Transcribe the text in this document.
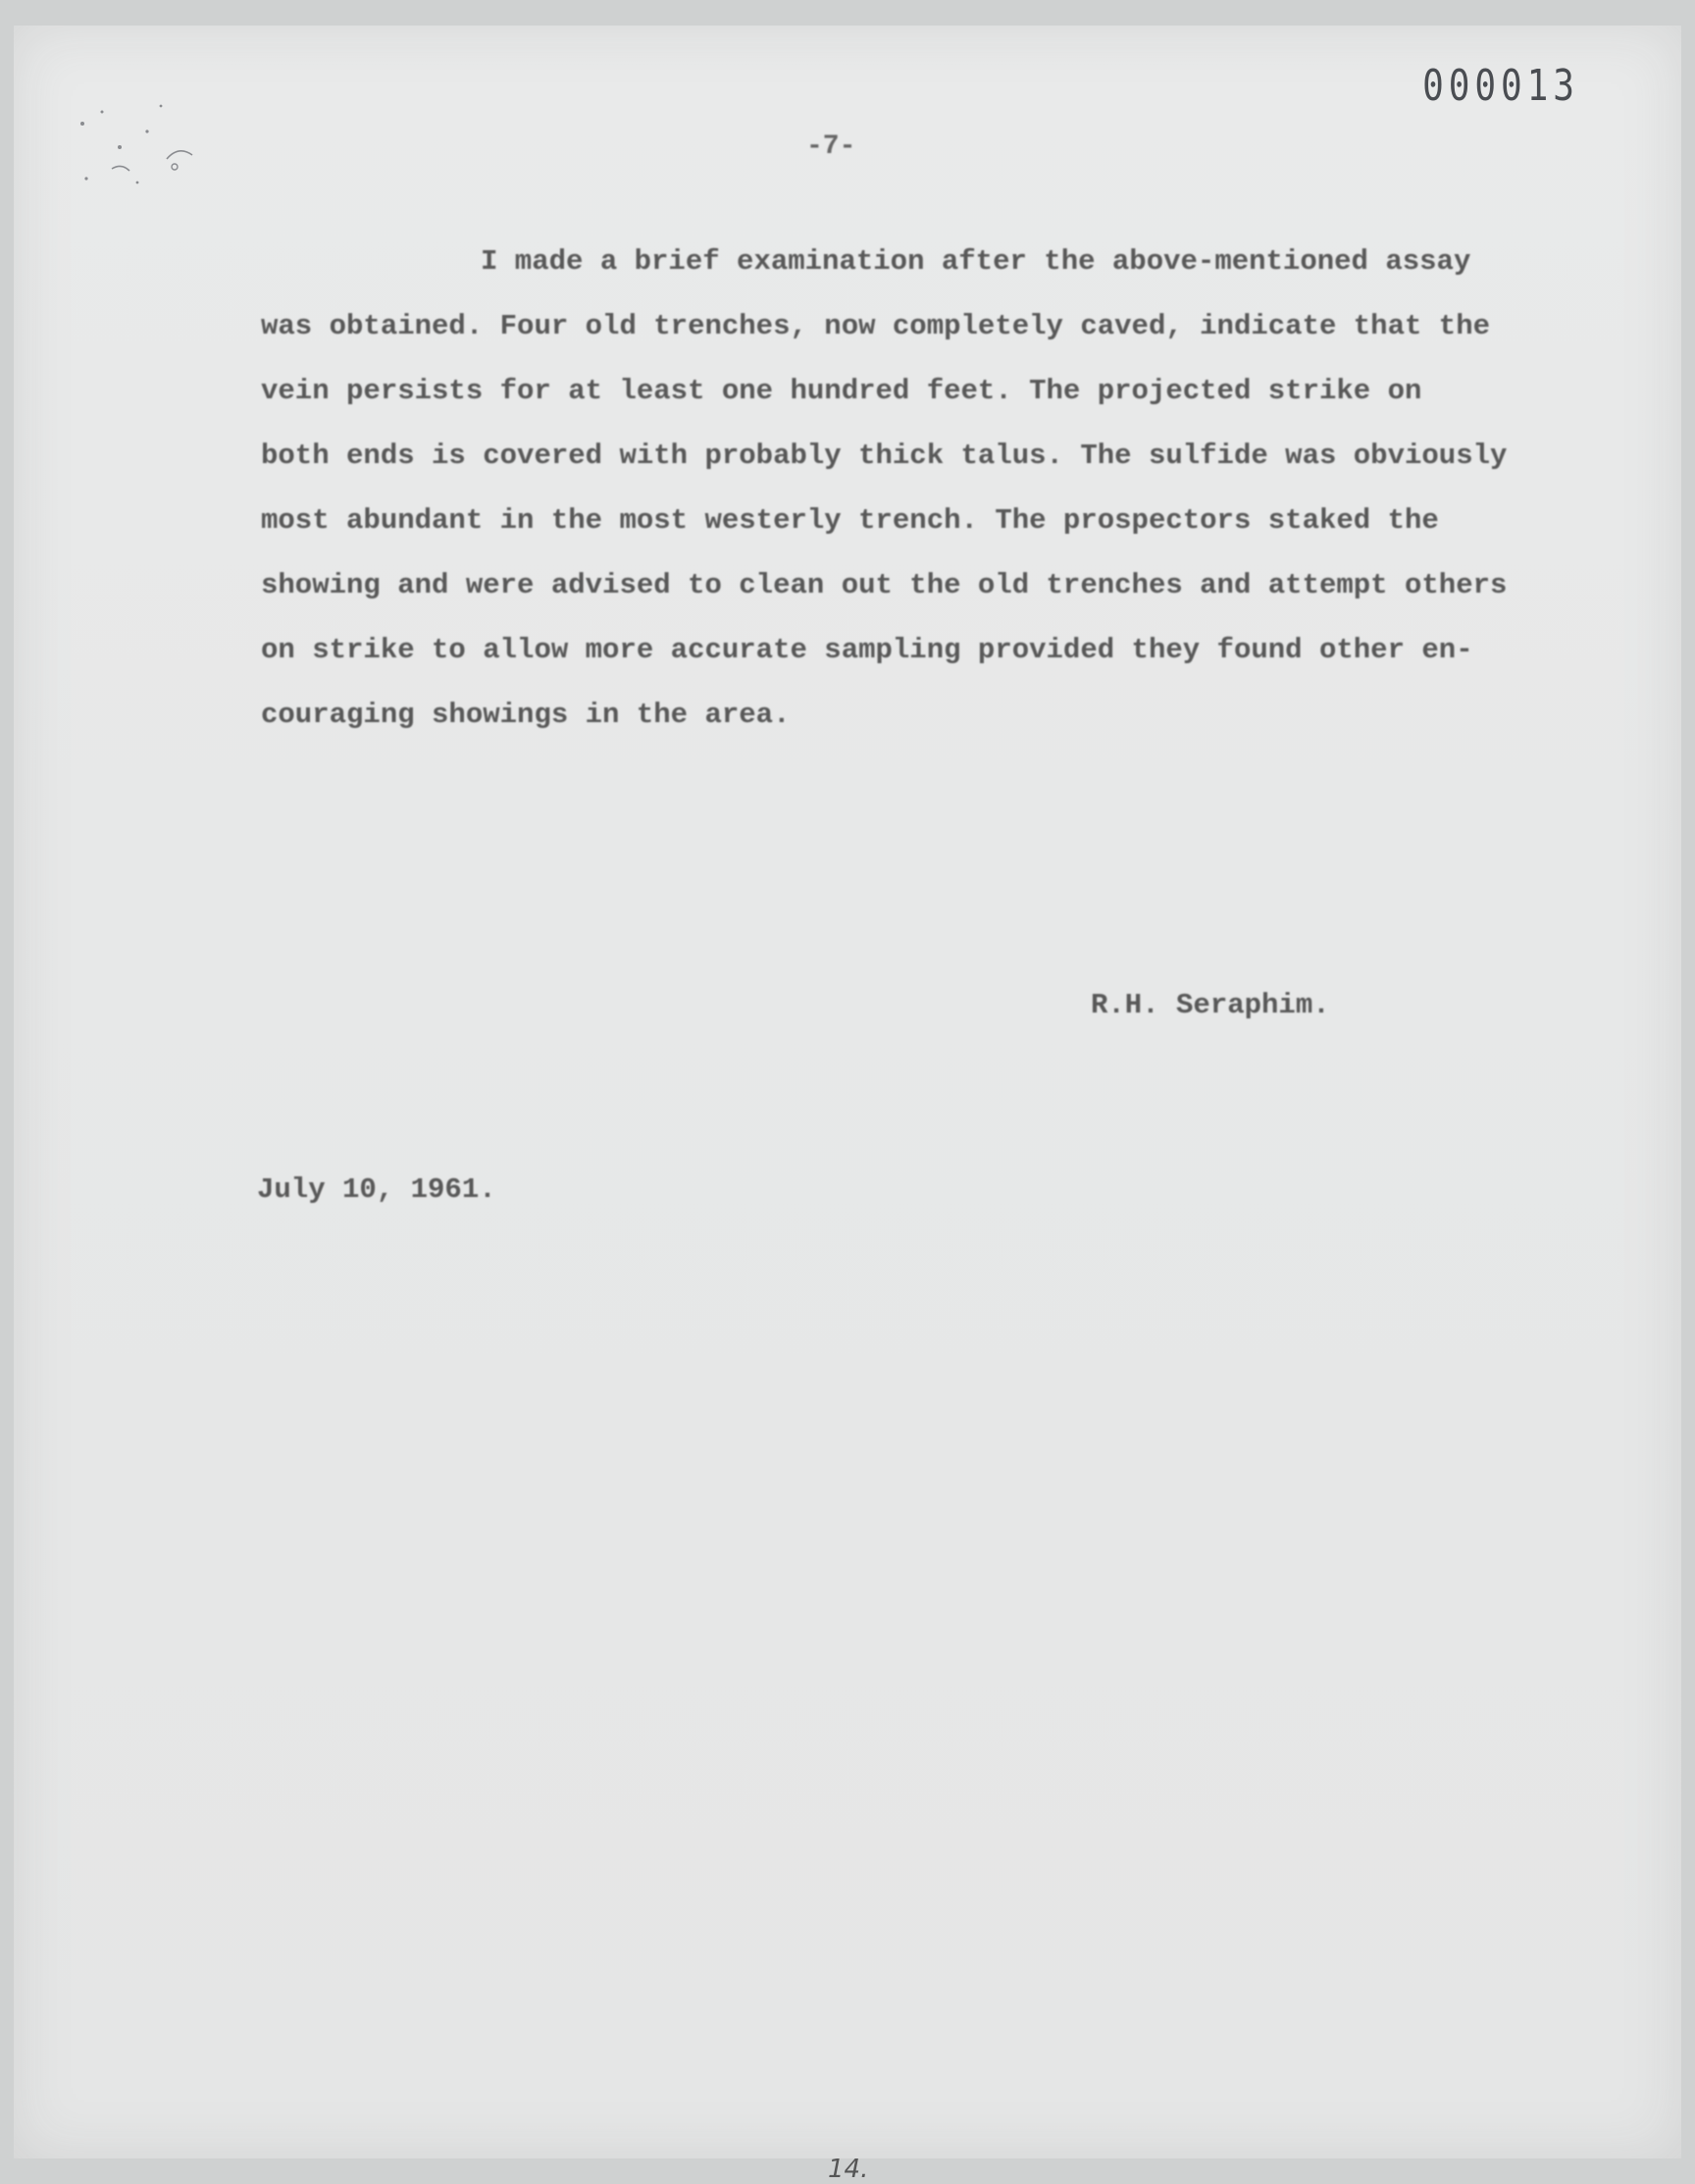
000013
-7-

I made a brief examination after the above-mentioned assay
was obtained. Four old trenches, now completely caved, indicate that the
vein persists for at least one hundred feet. The projected strike on
both ends is covered with probably thick talus. The sulfide was obviously
most abundant in the most westerly trench. The prospectors staked the
showing and were advised to clean out the old trenches and attempt others
on strike to allow more accurate sampling provided they found other en-
couraging showings in the area.

R.H. Seraphim.
July 10, 1961.
14.
